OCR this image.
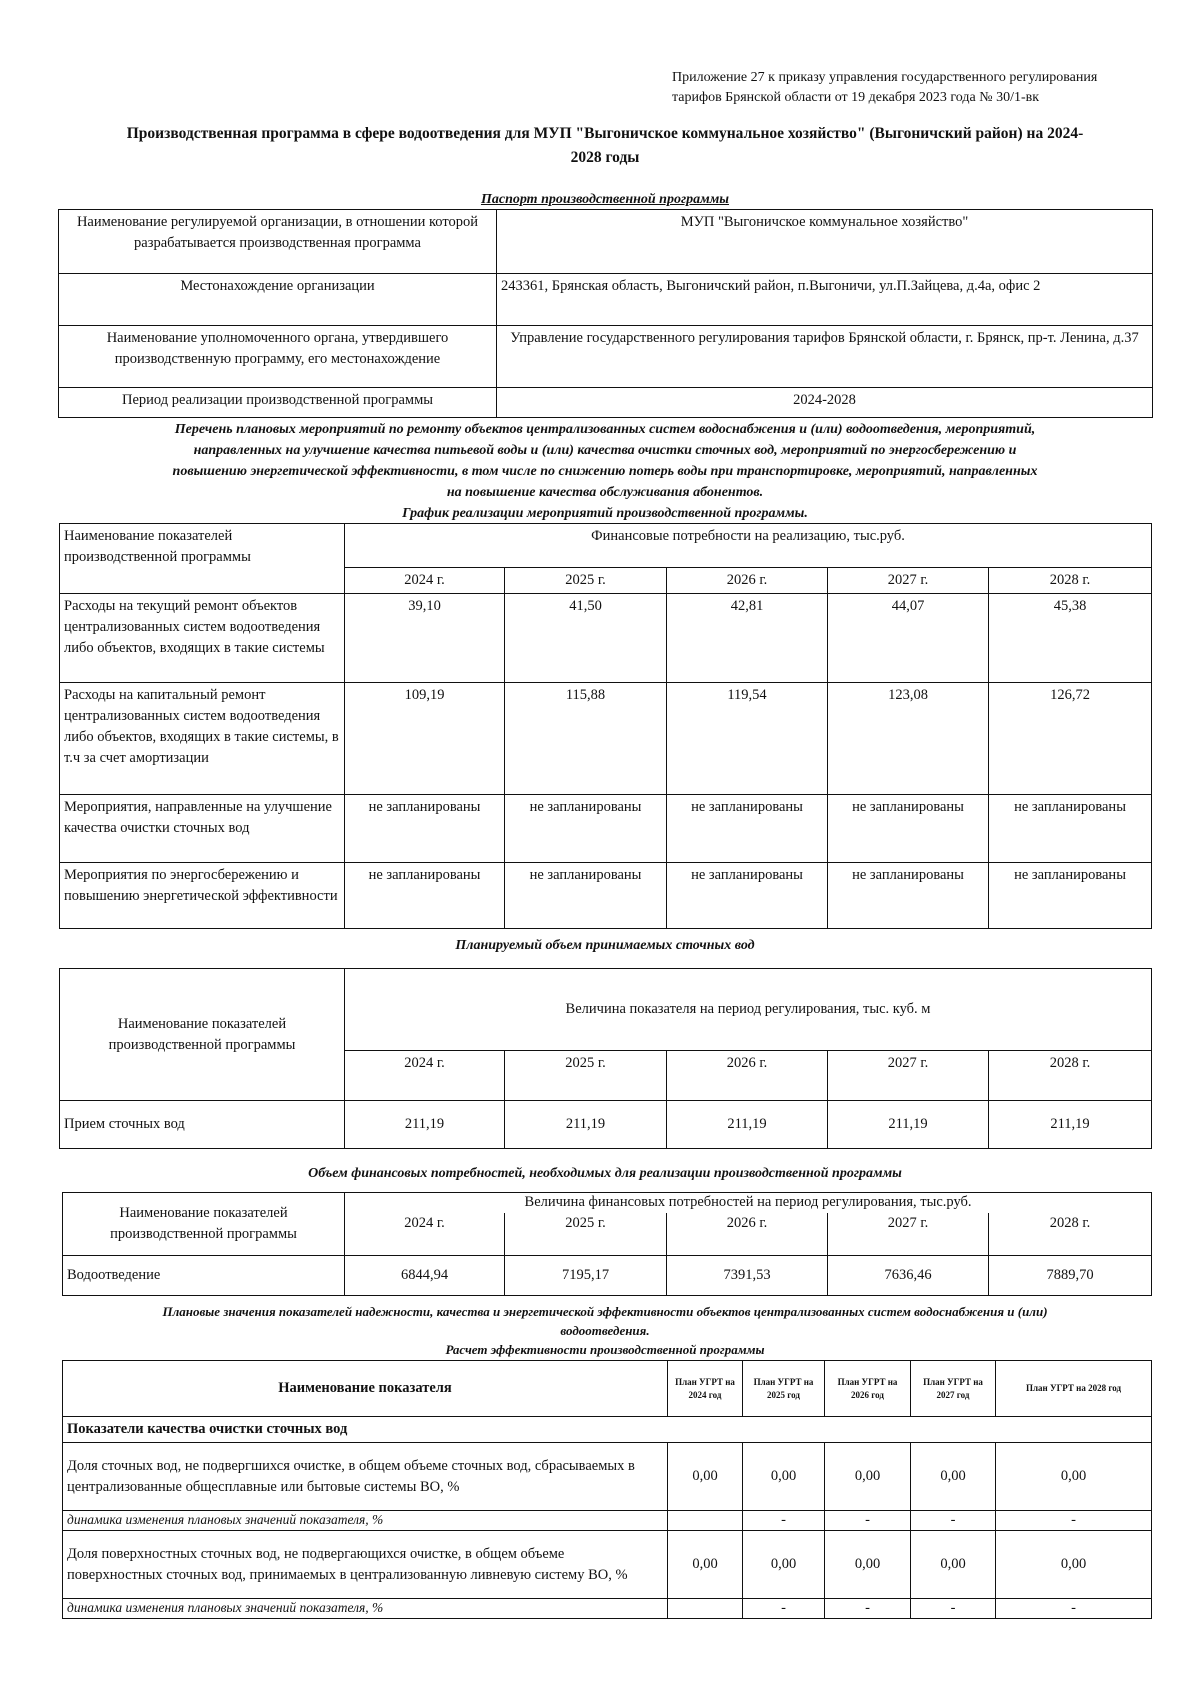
Приложение 27 к приказу управления государственного регулирования
тарифов Брянской области от 19 декабря 2023 года № 30/1-вк
Производственная программа в сфере водоотведения для МУП "Выгоничское коммунальное хозяйство" (Выгоничский район) на 2024-
2028 годы
Паспорт производственной программы
Наименование регулируемой организации, в отношении которой разрабатывается производственная программа	МУП "Выгоничское коммунальное хозяйство"
Местонахождение организации	243361, Брянская область, Выгоничский район, п.Выгоничи, ул.П.Зайцева, д.4а, офис 2
Наименование уполномоченного органа, утвердившего производственную программу, его местонахождение	Управление государственного регулирования тарифов Брянской области, г. Брянск, пр-т. Ленина, д.37
Период реализации производственной программы	2024-2028
Перечень плановых мероприятий по ремонту объектов централизованных систем водоснабжения и (или) водоотведения, мероприятий,
направленных на улучшение качества питьевой воды и (или) качества очистки сточных вод, мероприятий по энергосбережению и
повышению энергетической эффективности, в том числе по снижению потерь воды при транспортировке, мероприятий, направленных
на повышение качества обслуживания абонентов.
График реализации мероприятий производственной программы.
Наименование показателей производственной программы	Финансовые потребности на реализацию, тыс.руб.				
	2024 г.	2025 г.	2026 г.	2027 г.	2028 г.
Расходы на текущий ремонт объектов централизованных систем водоотведения либо объектов, входящих в такие системы	39,10	41,50	42,81	44,07	45,38
Расходы на капитальный ремонт централизованных систем водоотведения либо объектов, входящих в такие системы, в т.ч за счет амортизации	109,19	115,88	119,54	123,08	126,72
Мероприятия, направленные на улучшение качества очистки сточных вод	не запланированы	не запланированы	не запланированы	не запланированы	не запланированы
Мероприятия по энергосбережению и повышению энергетической эффективности	не запланированы	не запланированы	не запланированы	не запланированы	не запланированы
Планируемый объем принимаемых сточных вод
Наименование показателей производственной программы	Величина показателя на период регулирования, тыс. куб. м				
	2024 г.	2025 г.	2026 г.	2027 г.	2028 г.
Прием сточных вод	211,19	211,19	211,19	211,19	211,19
Объем финансовых потребностей, необходимых для реализации производственной программы
Наименование показателей производственной программы	Величина финансовых потребностей на период регулирования, тыс.руб.				
	2024 г.	2025 г.	2026 г.	2027 г.	2028 г.
Водоотведение	6844,94	7195,17	7391,53	7636,46	7889,70
Плановые значения показателей надежности, качества и энергетической эффективности объектов централизованных систем водоснабжения и (или)
водоотведения.
Расчет эффективности производственной программы
Наименование показателя	План УГРТ на 2024 год	План УГРТ на 2025 год	План УГРТ на 2026 год	План УГРТ на 2027 год	План УГРТ на 2028 год
Показатели качества очистки сточных вод					
Доля сточных вод, не подвергшихся очистке, в общем объеме сточных вод, сбрасываемых в централизованные общесплавные или бытовые системы ВО, %	0,00	0,00	0,00	0,00	0,00
динамика изменения плановых значений показателя, %		-	-	-	-
Доля поверхностных сточных вод, не подвергающихся очистке, в общем объеме поверхностных сточных вод, принимаемых в централизованную ливневую систему ВО, %	0,00	0,00	0,00	0,00	0,00
динамика изменения плановых значений показателя, %		-	-	-	-
